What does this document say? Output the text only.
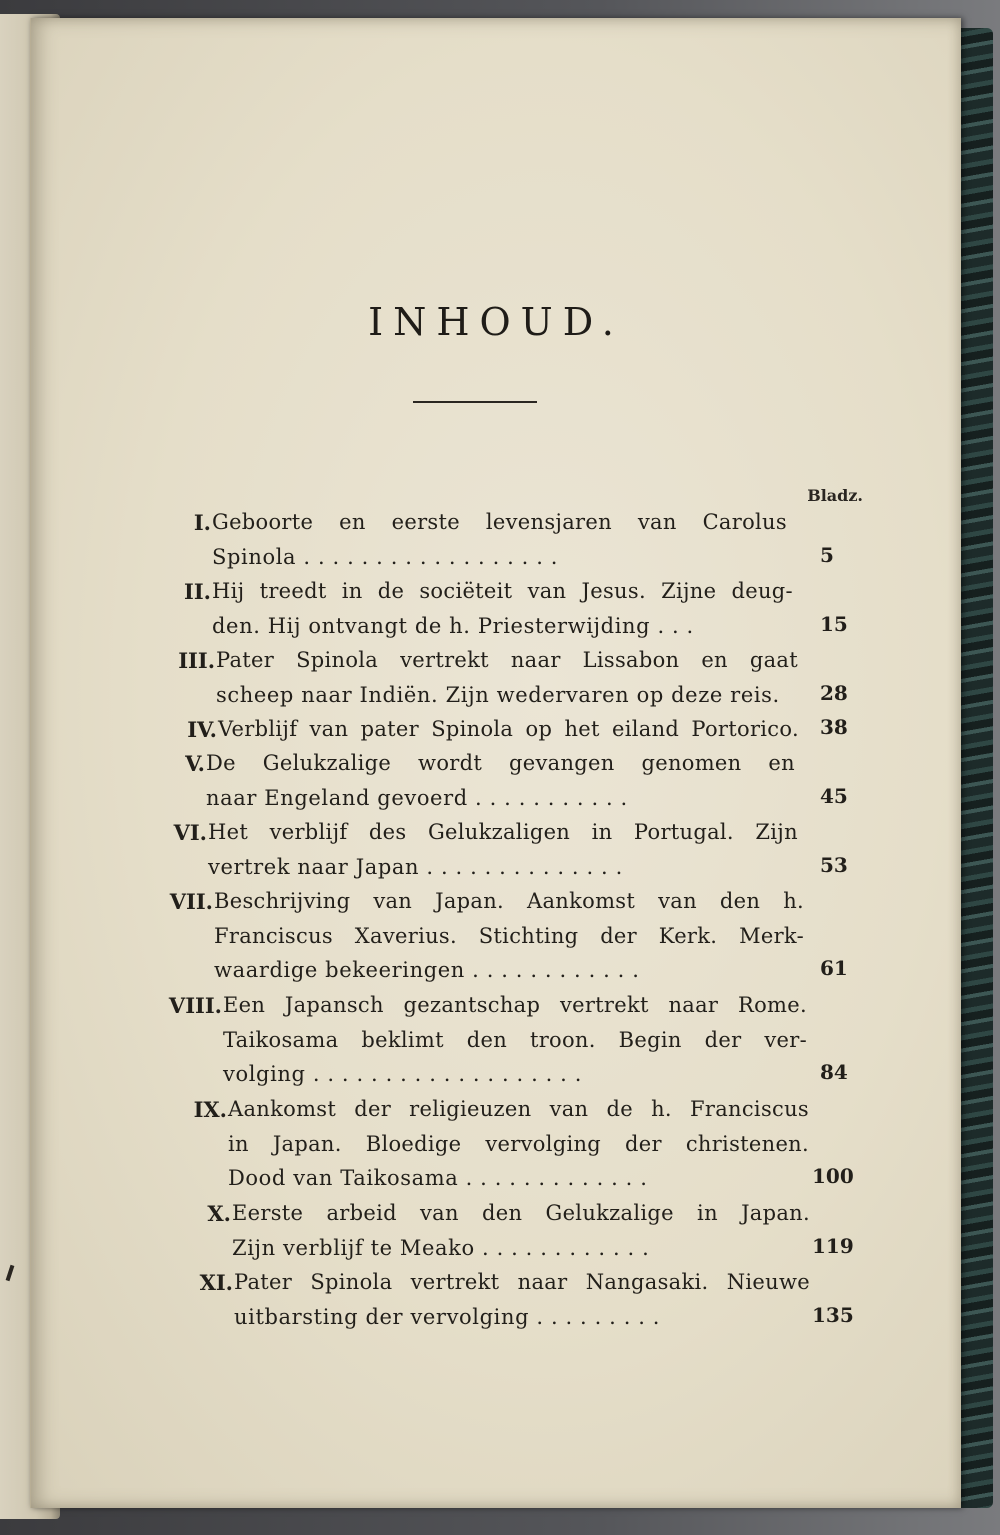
INHOUD.
Bladz.
I. Geboorte en eerste levensjaren van Carolus
Spinola . . . . . . . . . . . . . . . . . .	5
II. Hij treedt in de sociëteit van Jesus. Zijne deug-
den. Hij ontvangt de h. Priesterwijding . . .	15
III. Pater Spinola vertrekt naar Lissabon en gaat
scheep naar Indiën. Zijn wedervaren op deze reis.	28
IV. Verblijf van pater Spinola op het eiland Portorico. 38
V. De Gelukzalige wordt gevangen genomen en
naar Engeland gevoerd . . . . . . . . . . .	45
VI. Het verblijf des Gelukzaligen in Portugal. Zijn
vertrek naar Japan . . . . . . . . . . . . . .	53
VII. Beschrijving van Japan. Aankomst van den h.
Franciscus Xaverius. Stichting der Kerk. Merk-
waardige bekeeringen . . . . . . . . . . . .	61
VIII. Een Japansch gezantschap vertrekt naar Rome.
Taikosama beklimt den troon. Begin der ver-
volging . . . . . . . . . . . . . . . . . . .	84
IX. Aankomst der religieuzen van de h. Franciscus
in Japan. Bloedige vervolging der christenen.
Dood van Taikosama . . . . . . . . . . . . .	100
X. Eerste arbeid van den Gelukzalige in Japan.
Zijn verblijf te Meako . . . . . . . . . . . .	119
XI. Pater Spinola vertrekt naar Nangasaki. Nieuwe
uitbarsting der vervolging . . . . . . . . .	135
